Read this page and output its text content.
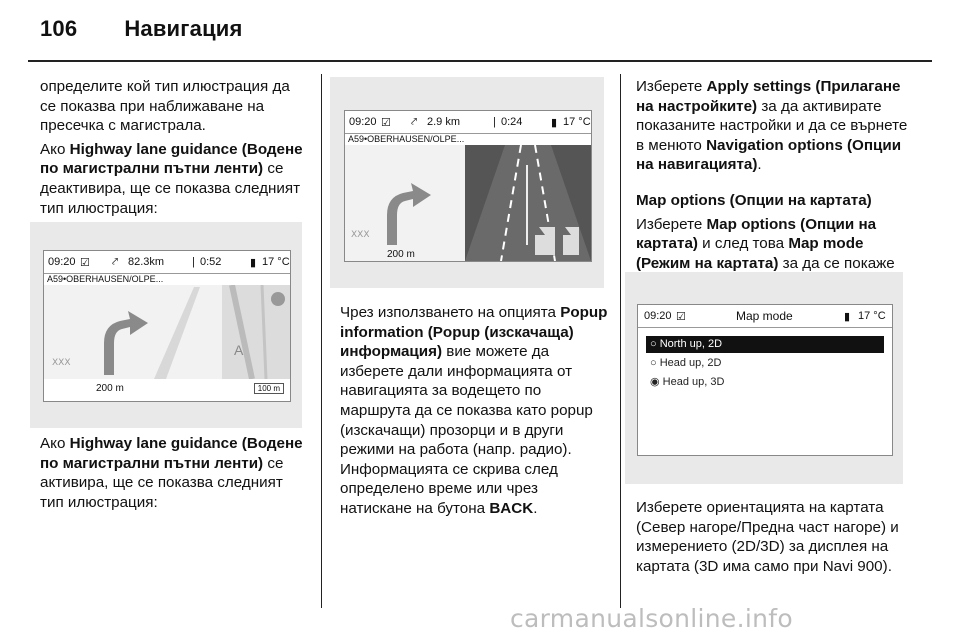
106 Навигация

определите кой тип илюстрация да се показва при наближаване на пресечка с магистрала.

Ако Highway lane guidance (Водене по магистрални пътни ленти) се деактивира, ще се показва следният тип илюстрация:

09:20 ☑ ⤤ 82.3km	| 0:52	▮ 17 °C
A59•OBERHAUSEN/OLPE...
XXX
A
200 m	100 m

Ако Highway lane guidance (Водене по магистрални пътни ленти) се активира, ще се показва следният тип илюстрация:

09:20 ☑ ⤤ 2.9 km	| 0:24	▮ 17 °C
A59•OBERHAUSEN/OLPE...
XXX
200 m

Чрез използването на опцията Popup information (Popup (изскачаща) информация) вие можете да изберете дали информацията от навигацията за водещето по маршрута да се показва като popup (изскачащи) прозорци и в други режими на работа (напр. радио). Информацията се скрива след определено време или чрез натискане на бутона BACK.

Изберете Apply settings (Прилагане на настройките) за да активирате показаните настройки и да се върнете в менюто Navigation options (Опции на навигацията).

Map options (Опции на картата)

Изберете Map options (Опции на картата) и след това Map mode (Режим на картата) за да се покаже

09:20 ☑	Map mode	▮ 17 °C
○ North up, 2D
○ Head up, 2D
◉ Head up, 3D

Изберете ориентацията на картата (Север нагоре/Предна част нагоре) и измерението (2D/3D) за дисплея на картата (3D има само при Navi 900).

carmanualsonline.info
